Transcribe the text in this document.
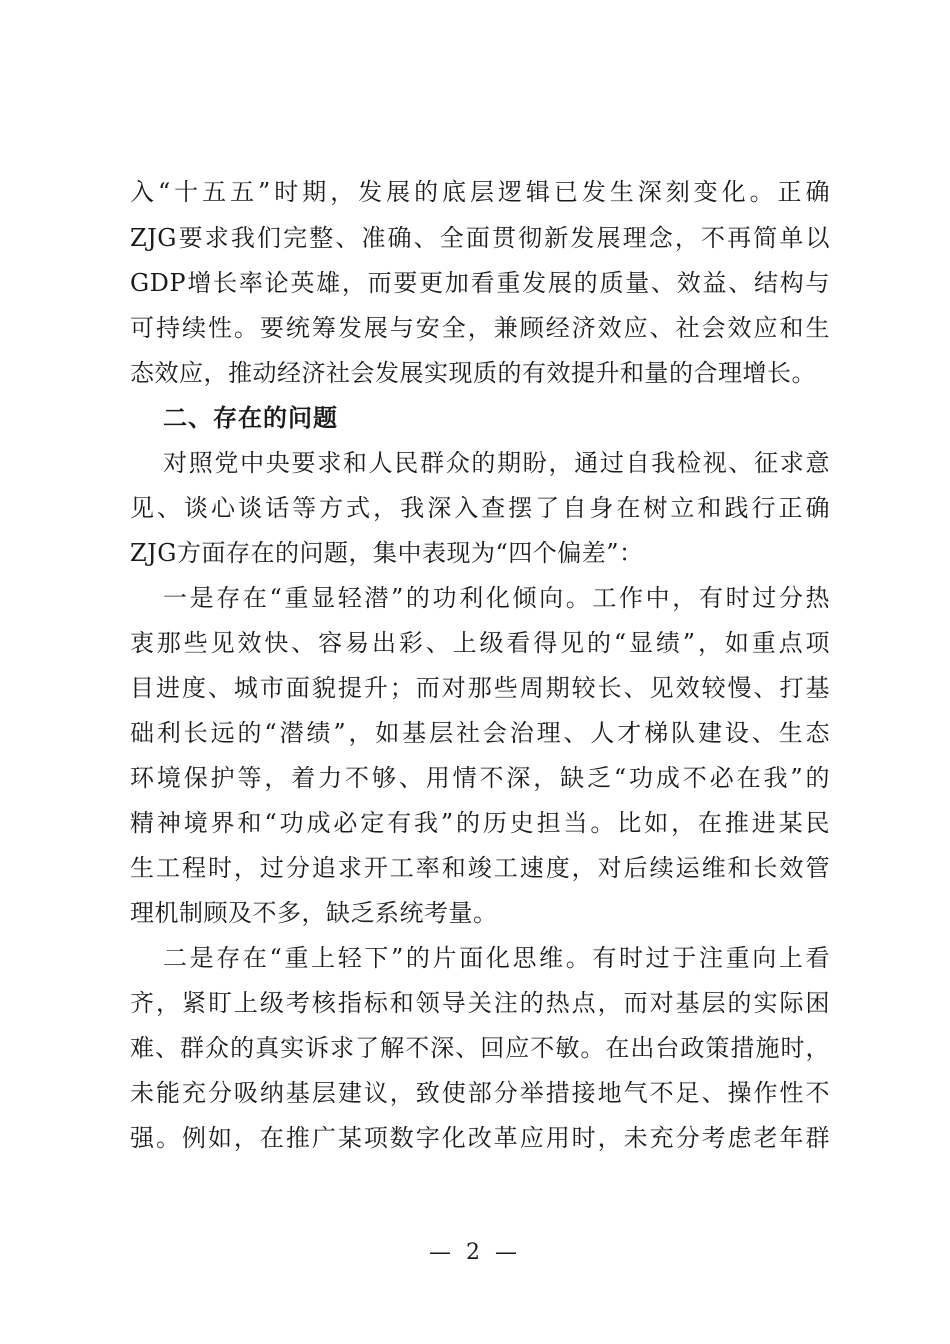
入“十五五”时期，发展的底层逻辑已发生深刻变化。正确
ZJG要求我们完整、准确、全面贯彻新发展理念，不再简单以
GDP增长率论英雄，而要更加看重发展的质量、效益、结构与
可持续性。要统筹发展与安全，兼顾经济效应、社会效应和生
态效应，推动经济社会发展实现质的有效提升和量的合理增长。
二、存在的问题
对照党中央要求和人民群众的期盼，通过自我检视、征求意
见、谈心谈话等方式，我深入查摆了自身在树立和践行正确
ZJG方面存在的问题，集中表现为“四个偏差”：
一是存在“重显轻潜”的功利化倾向。工作中，有时过分热
衷那些见效快、容易出彩、上级看得见的“显绩”，如重点项
目进度、城市面貌提升；而对那些周期较长、见效较慢、打基
础利长远的“潜绩”，如基层社会治理、人才梯队建设、生态
环境保护等，着力不够、用情不深，缺乏“功成不必在我”的
精神境界和“功成必定有我”的历史担当。比如，在推进某民
生工程时，过分追求开工率和竣工速度，对后续运维和长效管
理机制顾及不多，缺乏系统考量。
二是存在“重上轻下”的片面化思维。有时过于注重向上看
齐，紧盯上级考核指标和领导关注的热点，而对基层的实际困
难、群众的真实诉求了解不深、回应不敏。在出台政策措施时，
未能充分吸纳基层建议，致使部分举措接地气不足、操作性不
强。例如，在推广某项数字化改革应用时，未充分考虑老年群
— 2 —
